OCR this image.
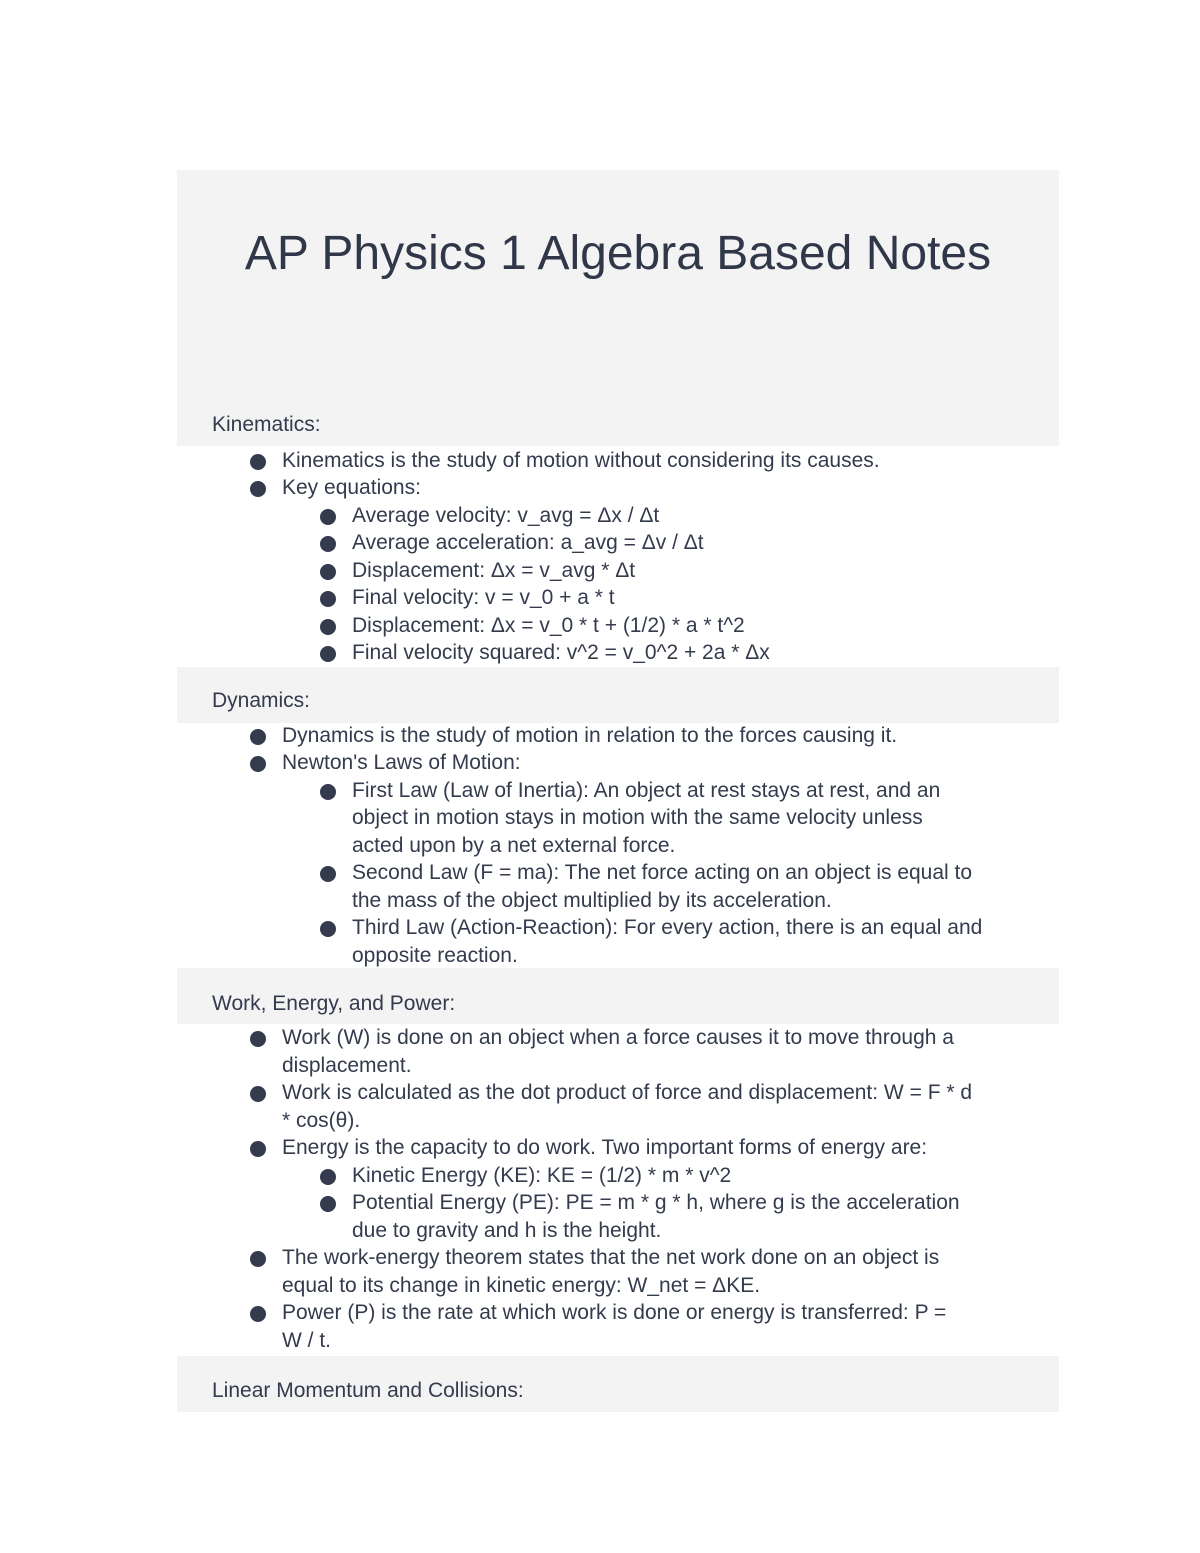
AP Physics 1 Algebra Based Notes
Kinematics:
Kinematics is the study of motion without considering its causes.
Key equations:
Average velocity: v_avg = Δx / Δt
Average acceleration: a_avg = Δv / Δt
Displacement: Δx = v_avg * Δt
Final velocity: v = v_0 + a * t
Displacement: Δx = v_0 * t + (1/2) * a * t^2
Final velocity squared: v^2 = v_0^2 + 2a * Δx
Dynamics:
Dynamics is the study of motion in relation to the forces causing it.
Newton's Laws of Motion:
First Law (Law of Inertia): An object at rest stays at rest, and an
object in motion stays in motion with the same velocity unless
acted upon by a net external force.
Second Law (F = ma): The net force acting on an object is equal to
the mass of the object multiplied by its acceleration.
Third Law (Action-Reaction): For every action, there is an equal and
opposite reaction.
Work, Energy, and Power:
Work (W) is done on an object when a force causes it to move through a
displacement.
Work is calculated as the dot product of force and displacement: W = F * d
* cos(θ).
Energy is the capacity to do work. Two important forms of energy are:
Kinetic Energy (KE): KE = (1/2) * m * v^2
Potential Energy (PE): PE = m * g * h, where g is the acceleration
due to gravity and h is the height.
The work-energy theorem states that the net work done on an object is
equal to its change in kinetic energy: W_net = ΔKE.
Power (P) is the rate at which work is done or energy is transferred: P =
W / t.
Linear Momentum and Collisions:
